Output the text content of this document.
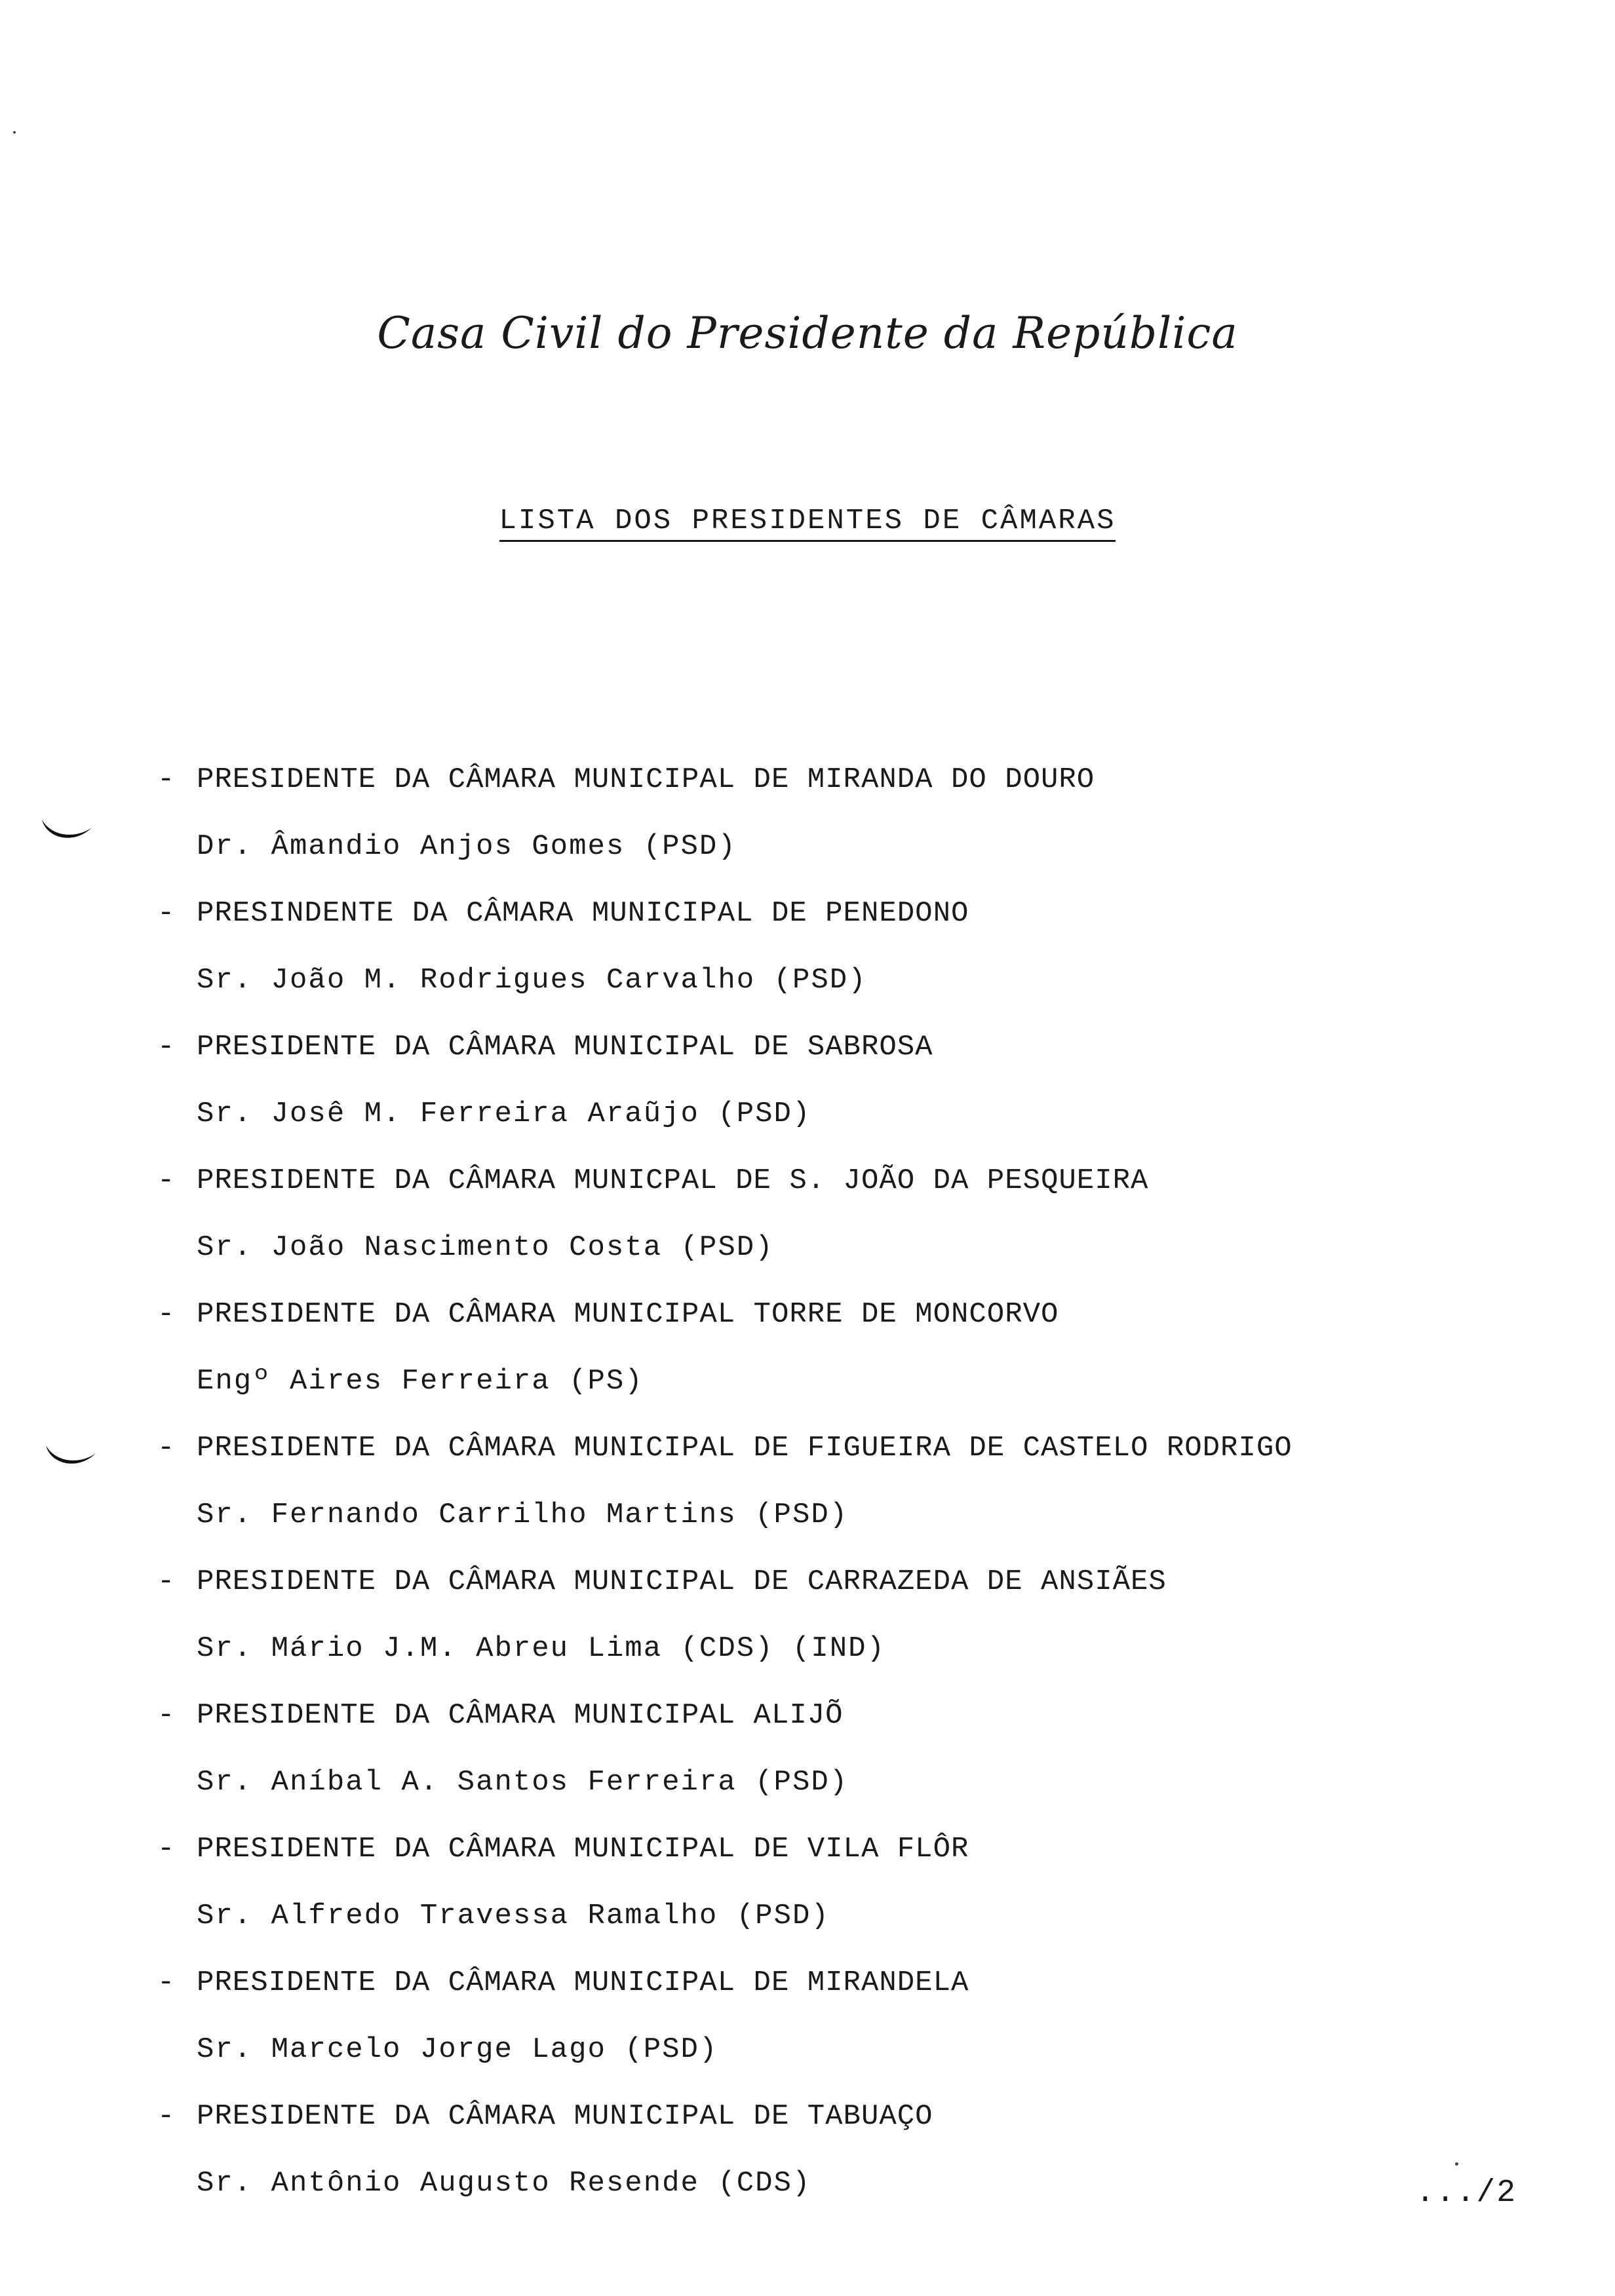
Casa Civil do Presidente da República
LISTA DOS PRESIDENTES DE CÂMARAS
- PRESIDENTE DA CÂMARA MUNICIPAL DE MIRANDA DO DOURO
Dr. Âmandio Anjos Gomes (PSD)
- PRESINDENTE DA CÂMARA MUNICIPAL DE PENEDONO
Sr. João M. Rodrigues Carvalho (PSD)
- PRESIDENTE DA CÂMARA MUNICIPAL DE SABROSA
Sr. Josê M. Ferreira Araũjo (PSD)
- PRESIDENTE DA CÂMARA MUNICPAL DE S. JOÃO DA PESQUEIRA
Sr. João Nascimento Costa (PSD)
- PRESIDENTE DA CÂMARA MUNICIPAL TORRE DE MONCORVO
Engº Aires Ferreira (PS)
- PRESIDENTE DA CÂMARA MUNICIPAL DE FIGUEIRA DE CASTELO RODRIGO
Sr. Fernando Carrilho Martins (PSD)
- PRESIDENTE DA CÂMARA MUNICIPAL DE CARRAZEDA DE ANSIÃES
Sr. Mário J.M. Abreu Lima (CDS) (IND)
- PRESIDENTE DA CÂMARA MUNICIPAL ALIJÕ
Sr. Aníbal A. Santos Ferreira (PSD)
- PRESIDENTE DA CÂMARA MUNICIPAL DE VILA FLÔR
Sr. Alfredo Travessa Ramalho (PSD)
- PRESIDENTE DA CÂMARA MUNICIPAL DE MIRANDELA
Sr. Marcelo Jorge Lago (PSD)
- PRESIDENTE DA CÂMARA MUNICIPAL DE TABUAÇO
Sr. Antônio Augusto Resende (CDS)	.../2
